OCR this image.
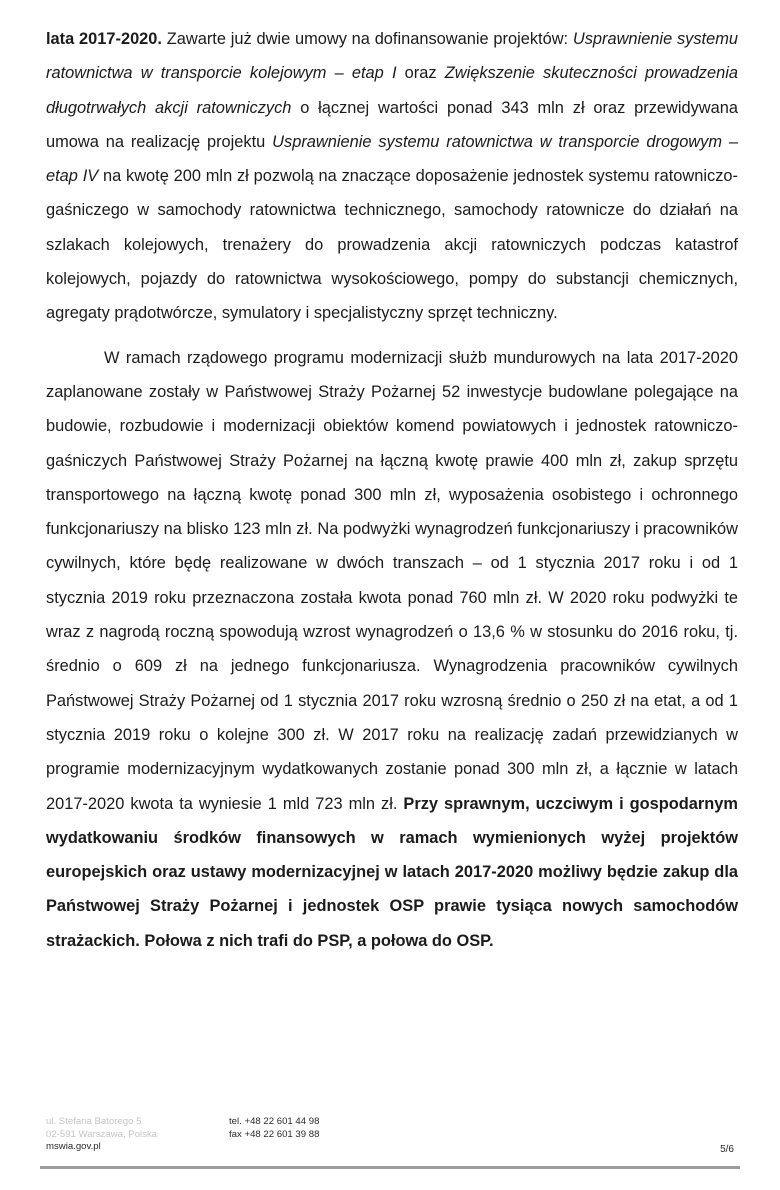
lata 2017-2020. Zawarte już dwie umowy na dofinansowanie projektów: Usprawnienie systemu ratownictwa w transporcie kolejowym – etap I oraz Zwiększenie skuteczności prowadzenia długotrwałych akcji ratowniczych o łącznej wartości ponad 343 mln zł oraz przewidywana umowa na realizację projektu Usprawnienie systemu ratownictwa w transporcie drogowym – etap IV na kwotę 200 mln zł pozwolą na znaczące doposażenie jednostek systemu ratowniczo-gaśniczego w samochody ratownictwa technicznego, samochody ratownicze do działań na szlakach kolejowych, trenażery do prowadzenia akcji ratowniczych podczas katastrof kolejowych, pojazdy do ratownictwa wysokościowego, pompy do substancji chemicznych, agregaty prądotwórcze, symulatory i specjalistyczny sprzęt techniczny.

W ramach rządowego programu modernizacji służb mundurowych na lata 2017-2020 zaplanowane zostały w Państwowej Straży Pożarnej 52 inwestycje budowlane polegające na budowie, rozbudowie i modernizacji obiektów komend powiatowych i jednostek ratowniczo-gaśniczych Państwowej Straży Pożarnej na łączną kwotę prawie 400 mln zł, zakup sprzętu transportowego na łączną kwotę ponad 300 mln zł, wyposażenia osobistego i ochronnego funkcjonariuszy na blisko 123 mln zł. Na podwyżki wynagrodzeń funkcjonariuszy i pracowników cywilnych, które będę realizowane w dwóch transzach – od 1 stycznia 2017 roku i od 1 stycznia 2019 roku przeznaczona została kwota ponad 760 mln zł. W 2020 roku podwyżki te wraz z nagrodą roczną spowodują wzrost wynagrodzeń o 13,6 % w stosunku do 2016 roku, tj. średnio o 609 zł na jednego funkcjonariusza. Wynagrodzenia pracowników cywilnych Państwowej Straży Pożarnej od 1 stycznia 2017 roku wzrosną średnio o 250 zł na etat, a od 1 stycznia 2019 roku o kolejne 300 zł. W 2017 roku na realizację zadań przewidzianych w programie modernizacyjnym wydatkowanych zostanie ponad 300 mln zł, a łącznie w latach 2017-2020 kwota ta wyniesie 1 mld 723 mln zł. Przy sprawnym, uczciwym i gospodarnym wydatkowaniu środków finansowych w ramach wymienionych wyżej projektów europejskich oraz ustawy modernizacyjnej w latach 2017-2020 możliwy będzie zakup dla Państwowej Straży Pożarnej i jednostek OSP prawie tysiąca nowych samochodów strażackich. Połowa z nich trafi do PSP, a połowa do OSP.

ul. Stefana Batorego 5
02-591 Warszawa, Polska
mswia.gov.pl
tel. +48 22 601 44 98
fax +48 22 601 39 88
5/6
